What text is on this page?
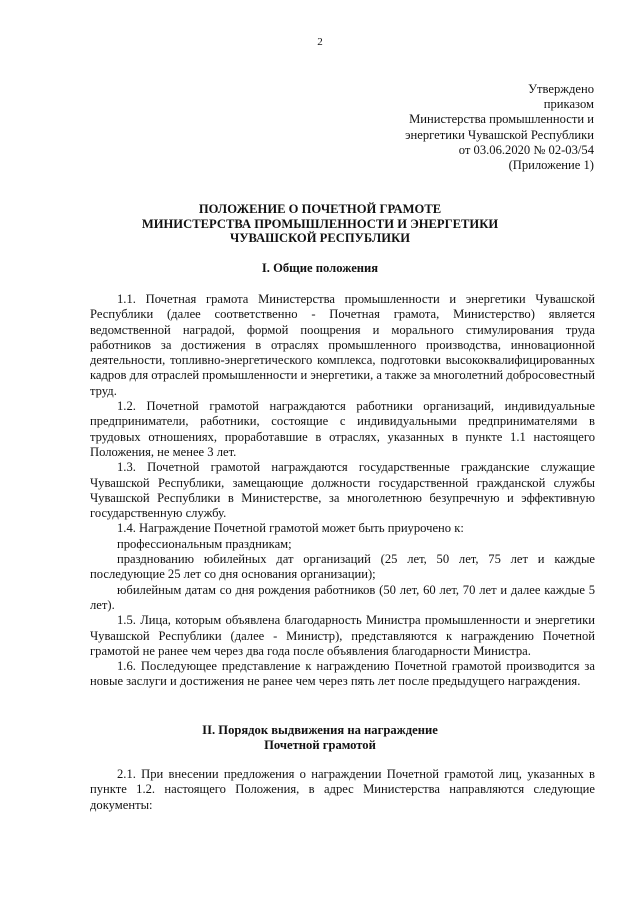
2
Утверждено
приказом
Министерства промышленности и
энергетики Чувашской Республики
от 03.06.2020 № 02-03/54
(Приложение 1)
ПОЛОЖЕНИЕ О ПОЧЕТНОЙ ГРАМОТЕ
МИНИСТЕРСТВА ПРОМЫШЛЕННОСТИ И ЭНЕРГЕТИКИ
ЧУВАШСКОЙ РЕСПУБЛИКИ
I. Общие положения

1.1. Почетная грамота Министерства промышленности и энергетики Чувашской Республики (далее соответственно - Почетная грамота, Министерство) является ведомственной наградой, формой поощрения и морального стимулирования труда работников за достижения в отраслях промышленного производства, инновационной деятельности, топливно-энергетического комплекса, подготовки высококвалифицированных кадров для отраслей промышленности и энергетики, а также за многолетний добросовестный труд.

1.2. Почетной грамотой награждаются работники организаций, индивидуальные предприниматели, работники, состоящие с индивидуальными предпринимателями в трудовых отношениях, проработавшие в отраслях, указанных в пункте 1.1 настоящего Положения, не менее 3 лет.

1.3. Почетной грамотой награждаются государственные гражданские служащие Чувашской Республики, замещающие должности государственной гражданской службы Чувашской Республики в Министерстве, за многолетнюю безупречную и эффективную государственную службу.

1.4. Награждение Почетной грамотой может быть приурочено к:

профессиональным праздникам;

празднованию юбилейных дат организаций (25 лет, 50 лет, 75 лет и каждые последующие 25 лет со дня основания организации);

юбилейным датам со дня рождения работников (50 лет, 60 лет, 70 лет и далее каждые 5 лет).

1.5. Лица, которым объявлена благодарность Министра промышленности и энергетики Чувашской Республики (далее - Министр), представляются к награждению Почетной грамотой не ранее чем через два года после объявления благодарности Министра.

1.6. Последующее представление к награждению Почетной грамотой производится за новые заслуги и достижения не ранее чем через пять лет после предыдущего награждения.

II. Порядок выдвижения на награждение
Почетной грамотой

2.1. При внесении предложения о награждении Почетной грамотой лиц, указанных в пункте 1.2. настоящего Положения, в адрес Министерства направляются следующие документы:
